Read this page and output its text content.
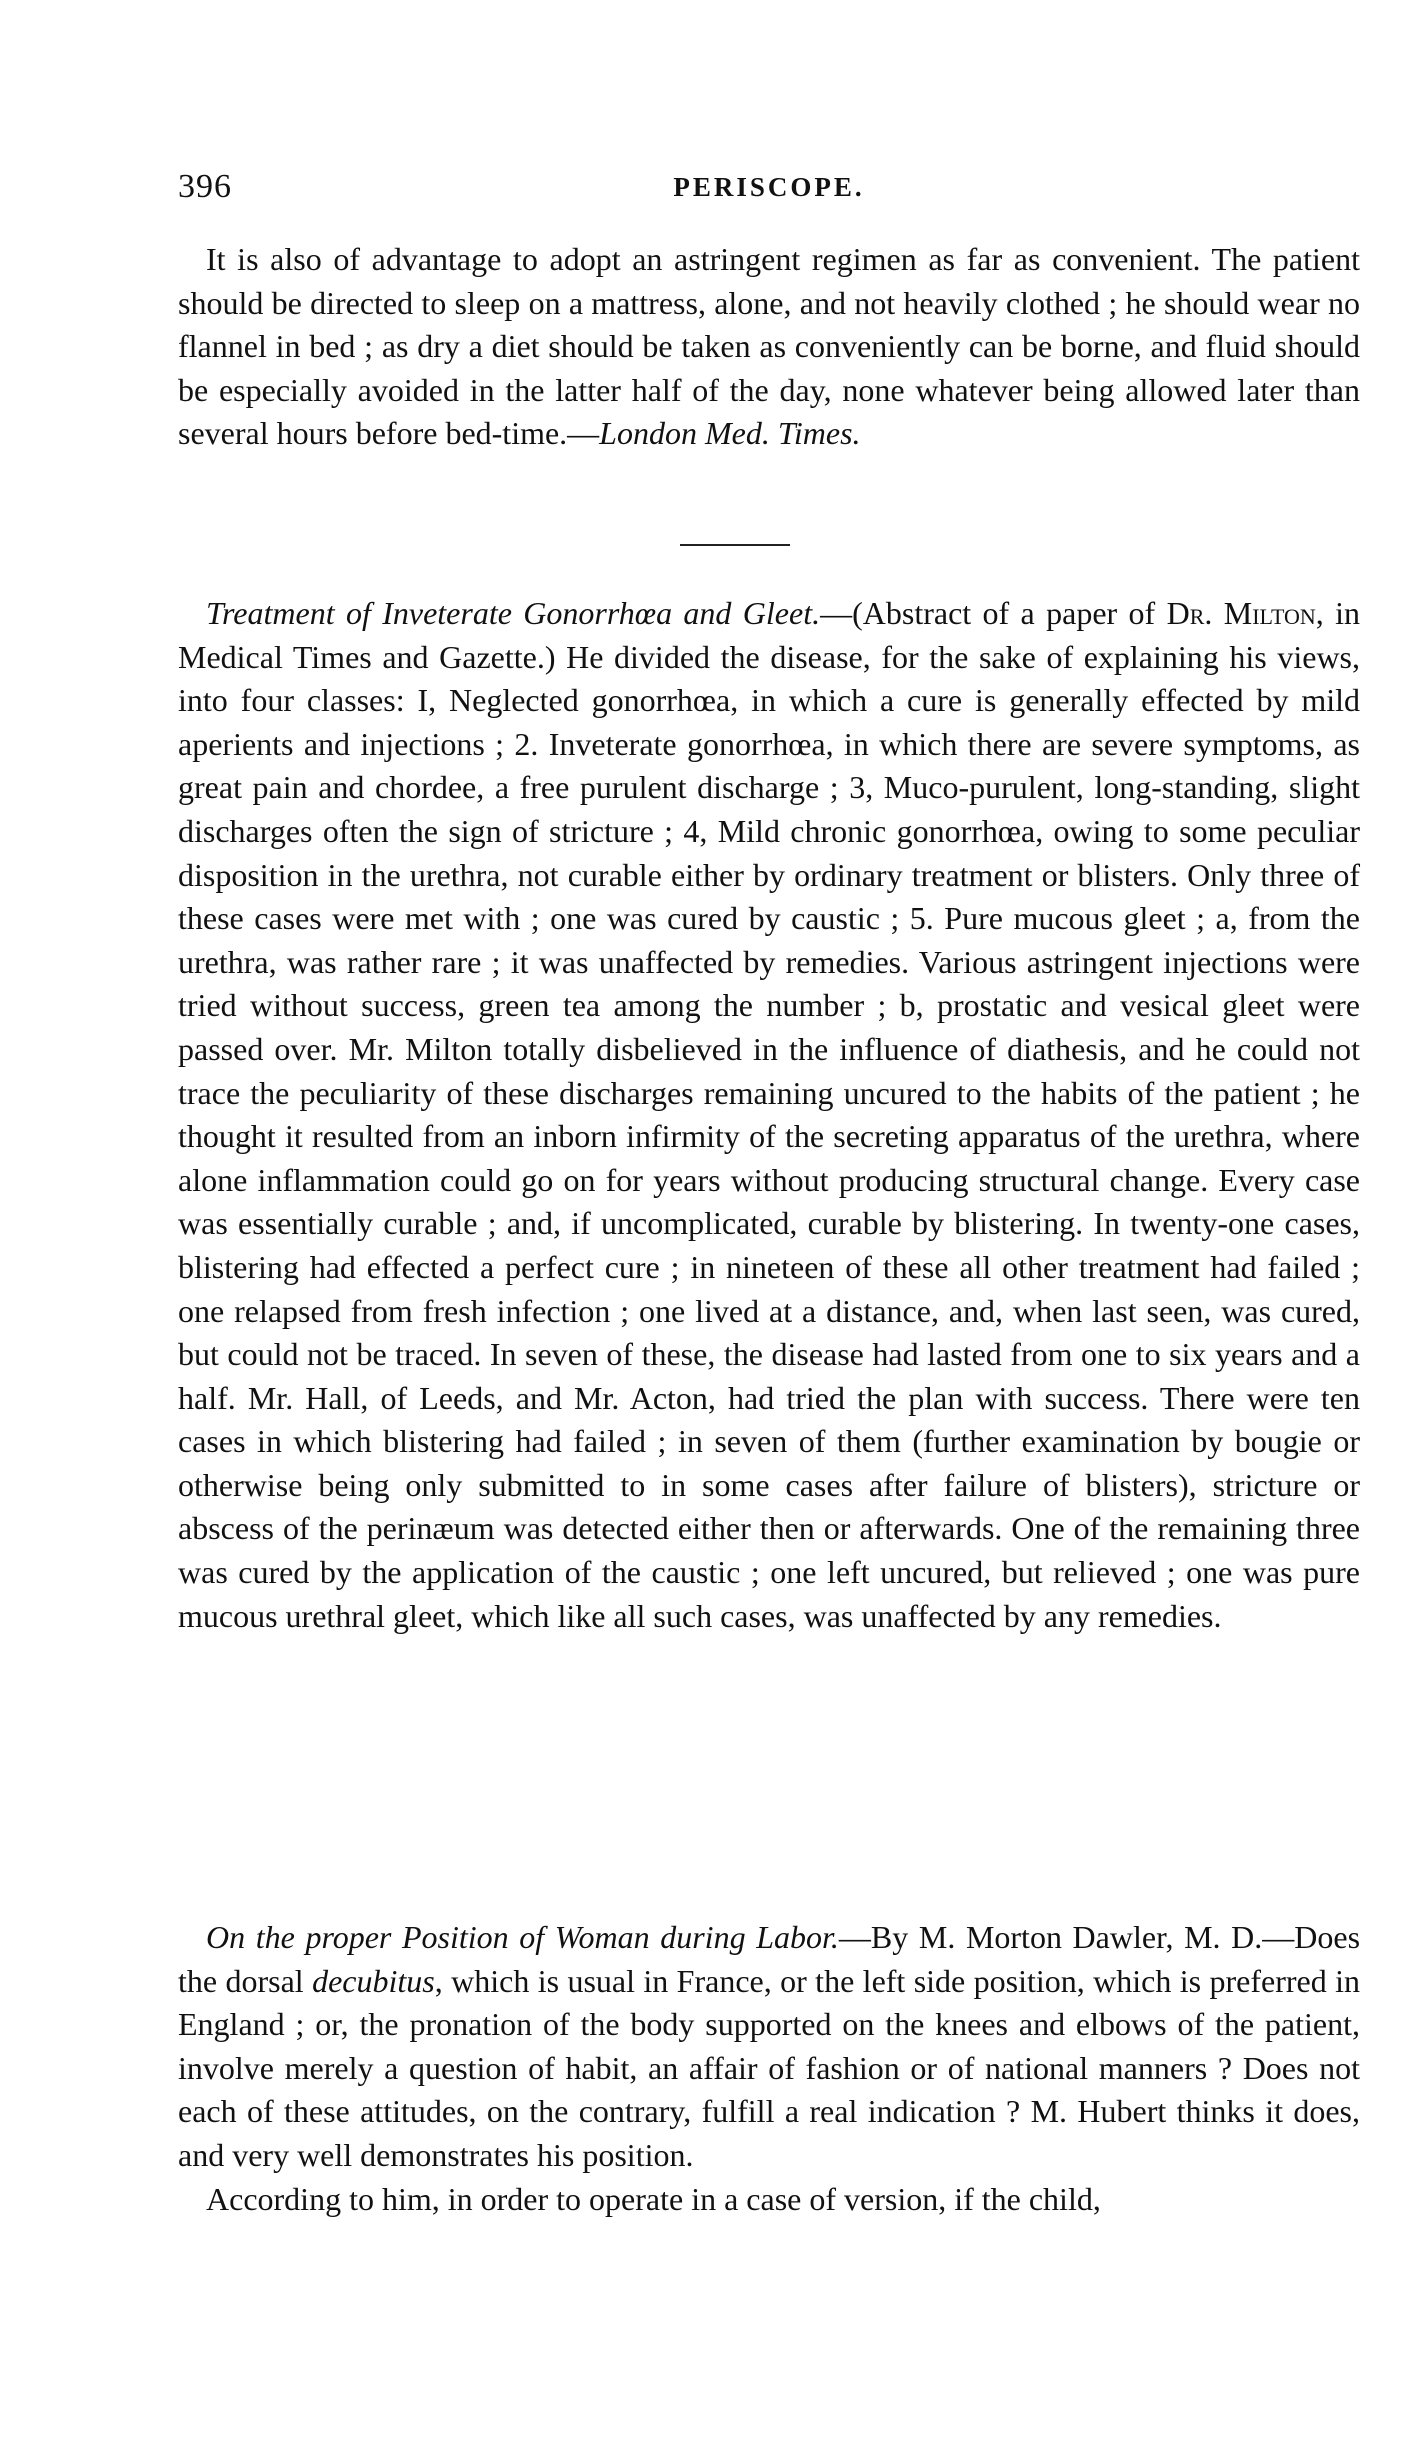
396	PERISCOPE.

It is also of advantage to adopt an astringent regimen as far as convenient. The patient should be directed to sleep on a mattress, alone, and not heavily clothed ; he should wear no flannel in bed ; as dry a diet should be taken as conveniently can be borne, and fluid should be especially avoided in the latter half of the day, none whatever being allowed later than several hours before bed-time.—London Med. Times.

Treatment of Inveterate Gonorrhœa and Gleet.—(Abstract of a paper of Dr. Milton, in Medical Times and Gazette.) He divided the disease, for the sake of explaining his views, into four classes: I, Neglected gonorrhœa, in which a cure is generally effected by mild aperients and injections ; 2. Inveterate gonorrhœa, in which there are severe symptoms, as great pain and chordee, a free purulent discharge ; 3, Muco-purulent, long-standing, slight discharges often the sign of stricture ; 4, Mild chronic gonorrhœa, owing to some peculiar disposition in the urethra, not curable either by ordinary treatment or blisters. Only three of these cases were met with ; one was cured by caustic ; 5. Pure mucous gleet ; a, from the urethra, was rather rare ; it was unaffected by remedies. Various astringent injections were tried without success, green tea among the number ; b, prostatic and vesical gleet were passed over. Mr. Milton totally disbelieved in the influence of diathesis, and he could not trace the peculiarity of these discharges remaining uncured to the habits of the patient ; he thought it resulted from an inborn infirmity of the secreting apparatus of the urethra, where alone inflammation could go on for years without producing structural change. Every case was essentially curable ; and, if uncomplicated, curable by blistering. In twenty-one cases, blistering had effected a perfect cure ; in nineteen of these all other treatment had failed ; one relapsed from fresh infection ; one lived at a distance, and, when last seen, was cured, but could not be traced. In seven of these, the disease had lasted from one to six years and a half. Mr. Hall, of Leeds, and Mr. Acton, had tried the plan with success. There were ten cases in which blistering had failed ; in seven of them (further examination by bougie or otherwise being only submitted to in some cases after failure of blisters), stricture or abscess of the perinæum was detected either then or afterwards. One of the remaining three was cured by the application of the caustic ; one left uncured, but relieved ; one was pure mucous urethral gleet, which like all such cases, was unaffected by any remedies.

On the proper Position of Woman during Labor.—By M. Morton Dawler, M. D.—Does the dorsal decubitus, which is usual in France, or the left side position, which is preferred in England ; or, the pronation of the body supported on the knees and elbows of the patient, involve merely a question of habit, an affair of fashion or of national manners ? Does not each of these attitudes, on the contrary, fulfill a real indication ? M. Hubert thinks it does, and very well demonstrates his position.

According to him, in order to operate in a case of version, if the child,
